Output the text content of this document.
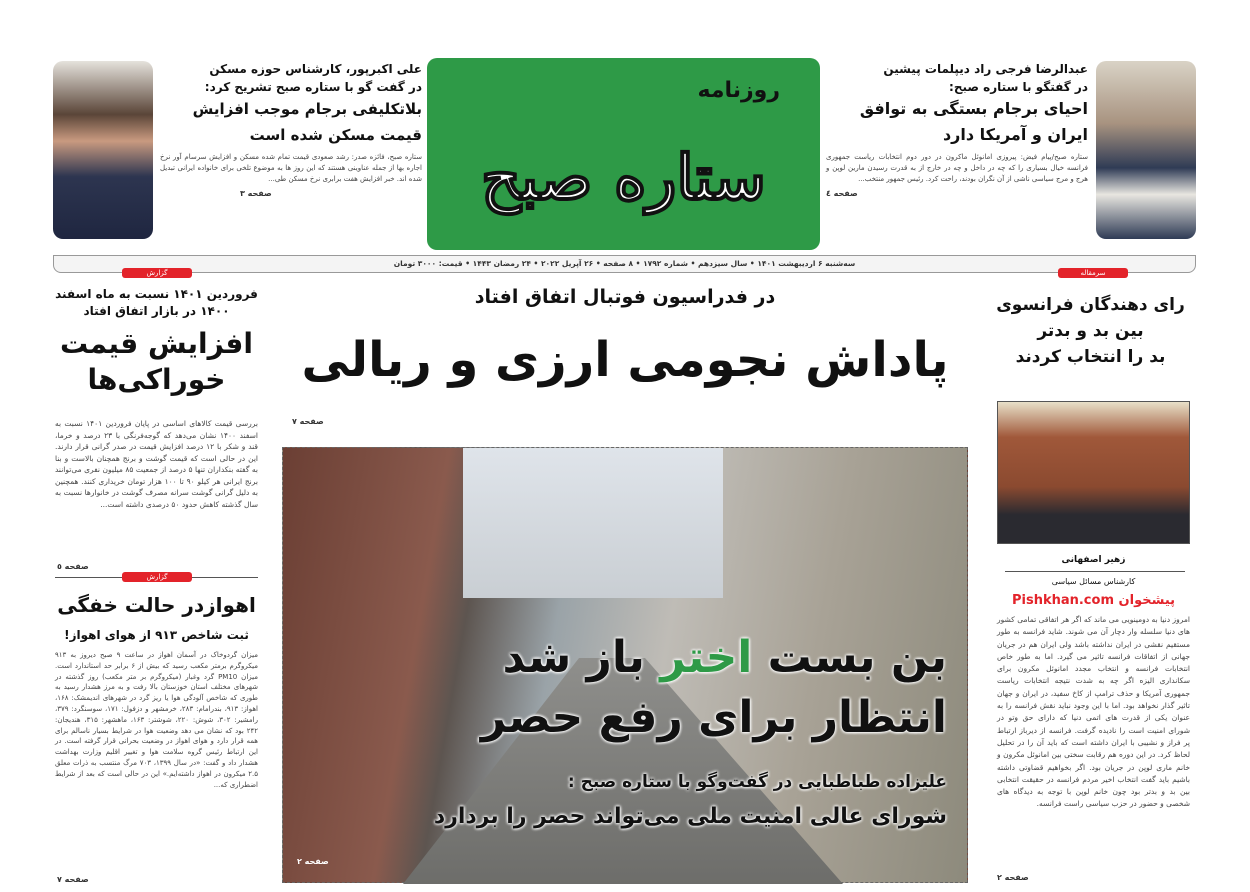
عبدالرضا فرجی راد دیپلمات پیشین
در گفتگو با ستاره صبح:
احیای برجام بستگی به توافق
ایران و آمریکا دارد
ستاره صبح/پیام فیض: پیروزی امانوئل ماکرون در دور دوم انتخابات ریاست جمهوری فرانسه خیال بسیاری را که چه در داخل و چه در خارج از به قدرت رسیدن مارین لوپن و هرج و مرج سیاسی ناشی از آن نگران بودند، راحت کرد. رئیس جمهور منتخب...
صفحه ٤
روزنامه
ستاره صبح
علی اکبرپور، کارشناس حوزه مسکن
در گفت گو با ستاره صبح تشریح کرد:
بلاتکلیفی برجام موجب افزایش
قیمت مسکن شده است
ستاره صبح، فائزه صدر: رشد صعودی قیمت تمام شده مسکن و افزایش سرسام آور نرخ اجاره بها از جمله عناوینی هستند که این روز ها به موضوع تلخی برای خانواده ایرانی تبدیل شده اند. خبر افزایش هفت برابری نرخ مسکن طی...
صفحه ۳
سه‌شنبه ۶ اردیبهشت ۱۴۰۱ • سال سیزدهم • شماره ۱۷۹۲ • ۸ صفحه • ۲۶ آپریل ۲۰۲۲ • ۲۴ رمضان ۱۴۴۳ • قیمت: ۳۰۰۰ تومان
در فدراسیون فوتبال اتفاق افتاد
پاداش نجومی ارزی و ریالی
صفحه ۷
بن بست اختر باز شد
انتظار برای رفع حصر
علیزاده طباطبایی در گفت‌وگو با ستاره صبح :
شورای عالی امنیت ملی می‌تواند حصر را بردارد
صفحه ۲
سرمقاله
رای دهندگان فرانسوی
بین بد و بدتر
بد را انتخاب کردند
زهیر اصفهانی
کارشناس مسائل سیاسی
پیشخوان Pishkhan.com
امروز دنیا به دومینویی می ماند که اگر هر اتفاقی تمامی کشور های دنیا سلسله وار دچار آن می شوند. شاید فرانسه به طور مستقیم نقشی در ایران نداشته باشد ولی ایران هم در جریان جهانی از اتفاقات فرانسه تاثیر می گیرد. اما به طور خاص انتخابات فرانسه و انتخاب مجدد امانوئل مکرون برای سکانداری الیزه اگر چه به شدت نتیجه انتخابات ریاست جمهوری آمریکا و حذف ترامپ از کاخ سفید، در ایران و جهان تاثیر گذار نخواهد بود. اما با این وجود نباید نقش فرانسه را به عنوان یکی از قدرت های اتمی دنیا که دارای حق وتو در شورای امنیت است را نادیده گرفت. فرانسه از دیرباز ارتباط پر فراز و نشیبی با ایران داشته است که باید آن را در تحلیل لحاظ کرد. در این دوره هم رقابت سختی بین امانوئل مکرون و خانم ماری لوپن در جریان بود. اگر بخواهیم قضاوتی داشته باشیم باید گفت انتخاب اخیر مردم فرانسه در حقیقت انتخابی بین بد و بدتر بود چون خانم لوپن با توجه به دیدگاه های شخصی و حضور در حزب سیاسی راست فرانسه.
صفحه ۲
گزارش
فروردین ۱۴۰۱ نسبت به ماه اسفند ۱۴۰۰ در بازار اتفاق افتاد
افزایش قیمت
خوراکی‌ها
بررسی قیمت کالاهای اساسی در پایان فروردین ۱۴۰۱ نسبت به اسفند ۱۴۰۰ نشان می‌دهد که گوجه‌فرنگی با ۲۳ درصد و خرما، قند و شکر با ۱۲ درصد افزایش قیمت در صدر گرانی قرار دارند. این در حالی است که قیمت گوشت و برنج همچنان بالاست و بنا به گفته بنکداران تنها ۵ درصد از جمعیت ۸۵ میلیون نفری می‌توانند برنج ایرانی هر کیلو ۹۰ تا ۱۰۰ هزار تومان خریداری کنند. همچنین به دلیل گرانی گوشت سرانه مصرف گوشت در خانوارها نسبت به سال گذشته کاهش حدود ۵۰ درصدی داشته است...
صفحه ٥
گزارش
اهوازدر حالت خفگی
ثبت شاخص ۹۱۳ از هوای اهواز!
میزان گردوخاک در آسمان اهواز در ساعت ۹ صبح دیروز به ۹۱۳ میکروگرم برمتر مکعب رسید که بیش از ۶ برابر حد استاندارد است. میزان PM10 گرد وغبار (میکروگرم بر متر مکعب) روز گذشته در شهرهای مختلف استان خوزستان بالا رفت و به مرز هشدار رسید به طوری که شاخص آلودگی هوا یا ریز گرد در شهرهای اندیمشک: ۱۶۸، اهواز: ۹۱۳، بندرامام: ۲۸۳، خرمشهر و دزفول: ۱۷۱، سوسنگرد: ۳۷۹، رامشیر: ۳۰۲، شوش: ۲۲۰، شوشتر: ۱۶۳، ماهشهر: ۳۱۵، هندیجان: ۲۴۲ بود که نشان می دهد وضعیت هوا در شرایط بسیار ناسالم برای همه قرار دارد و هوای اهواز در وضعیت بحرانی قرار گرفته است. در این ارتباط رئیس گروه سلامت هوا و تغییر اقلیم وزارت بهداشت هشدار داد و گفت: «در سال ۱۳۹۹، ۷۰۳ مرگ منتسب به ذرات معلق ۲.۵ میکرون در اهواز داشته‌ایم.» این در حالی است که بعد از شرایط اضطراری که...
صفحه ۷
